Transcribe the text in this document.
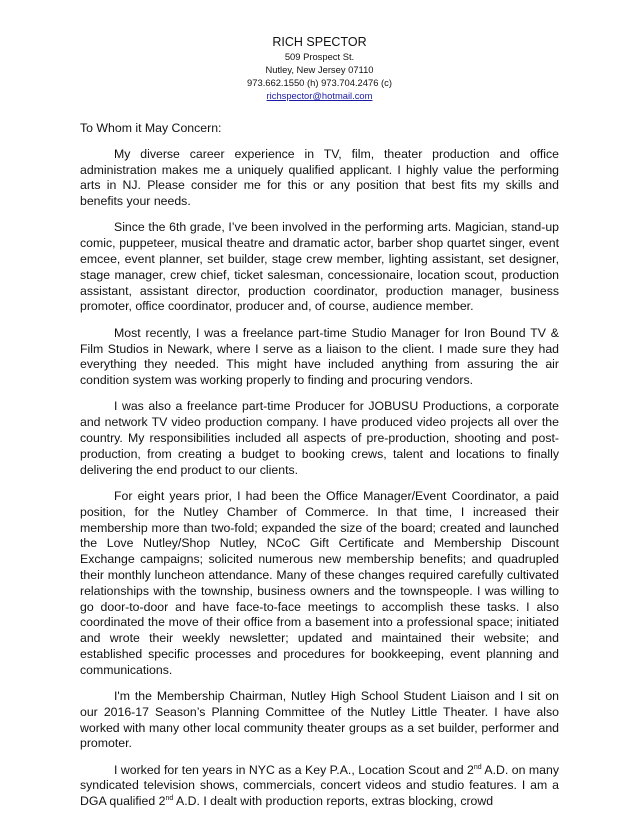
RICH SPECTOR

509 Prospect St.

Nutley, New Jersey 07110

973.662.1550 (h) 973.704.2476 (c)

richspector@hotmail.com

To Whom it May Concern:

My diverse career experience in TV, film, theater production and office administration makes me a uniquely qualified applicant. I highly value the performing arts in NJ. Please consider me for this or any position that best fits my skills and benefits your needs.

Since the 6th grade, I’ve been involved in the performing arts. Magician, stand-up comic, puppeteer, musical theatre and dramatic actor, barber shop quartet singer, event emcee, event planner, set builder, stage crew member, lighting assistant, set designer, stage manager, crew chief, ticket salesman, concessionaire, location scout, production assistant, assistant director, production coordinator, production manager, business promoter, office coordinator, producer and, of course, audience member.

Most recently, I was a freelance part-time Studio Manager for Iron Bound TV & Film Studios in Newark, where I serve as a liaison to the client. I made sure they had everything they needed. This might have included anything from assuring the air condition system was working properly to finding and procuring vendors.

I was also a freelance part-time Producer for JOBUSU Productions, a corporate and network TV video production company. I have produced video projects all over the country. My responsibilities included all aspects of pre-production, shooting and post-production, from creating a budget to booking crews, talent and locations to finally delivering the end product to our clients.

For eight years prior, I had been the Office Manager/Event Coordinator, a paid position, for the Nutley Chamber of Commerce. In that time, I increased their membership more than two-fold; expanded the size of the board; created and launched the Love Nutley/Shop Nutley, NCoC Gift Certificate and Membership Discount Exchange campaigns; solicited numerous new membership benefits; and quadrupled their monthly luncheon attendance. Many of these changes required carefully cultivated relationships with the township, business owners and the townspeople. I was willing to go door-to-door and have face-to-face meetings to accomplish these tasks. I also coordinated the move of their office from a basement into a professional space; initiated and wrote their weekly newsletter; updated and maintained their website; and established specific processes and procedures for bookkeeping, event planning and communications.

I'm the Membership Chairman, Nutley High School Student Liaison and I sit on our 2016-17 Season’s Planning Committee of the Nutley Little Theater. I have also worked with many other local community theater groups as a set builder, performer and promoter.

I worked for ten years in NYC as a Key P.A., Location Scout and 2nd A.D. on many syndicated television shows, commercials, concert videos and studio features. I am a DGA qualified 2nd A.D. I dealt with production reports, extras blocking, crowd
